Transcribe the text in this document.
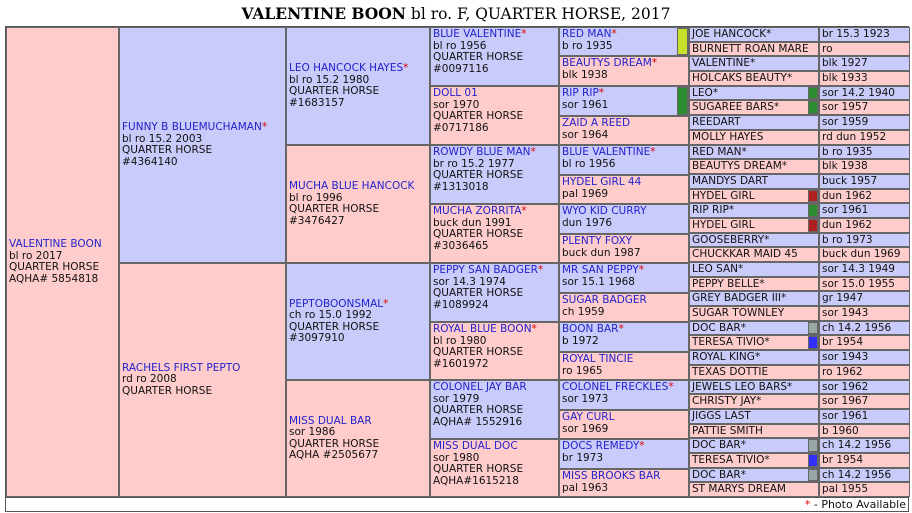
VALENTINE BOON bl ro. F, QUARTER HORSE, 2017
VALENTINE BOON
bl ro 2017
QUARTER HORSE
AQHA# 5854818
FUNNY B BLUEMUCHAMAN*
bl ro 15.2 2003
QUARTER HORSE
#4364140
RACHELS FIRST PEPTO
rd ro 2008
QUARTER HORSE
LEO HANCOCK HAYES*
bl ro 15.2 1980
QUARTER HORSE
#1683157
MUCHA BLUE HANCOCK
bl ro 1996
QUARTER HORSE
#3476427
PEPTOBOONSMAL*
ch ro 15.0 1992
QUARTER HORSE
#3097910
MISS DUAL BAR
sor 1986
QUARTER HORSE
AQHA #2505677
BLUE VALENTINE*
bl ro 1956
QUARTER HORSE
#0097116
DOLL 01
sor 1970
QUARTER HORSE
#0717186
ROWDY BLUE MAN*
br ro 15.2 1977
QUARTER HORSE
#1313018
MUCHA ZORRITA*
buck dun 1991
QUARTER HORSE
#3036465
PEPPY SAN BADGER*
sor 14.3 1974
QUARTER HORSE
#1089924
ROYAL BLUE BOON*
bl ro 1980
QUARTER HORSE
#1601972
COLONEL JAY BAR
sor 1979
QUARTER HORSE
AQHA# 1552916
MISS DUAL DOC
sor 1980
QUARTER HORSE
AQHA#1615218
RED MAN*
b ro 1935
BEAUTYS DREAM*
blk 1938
RIP RIP*
sor 1961
ZAID A REED
sor 1964
BLUE VALENTINE*
bl ro 1956
HYDEL GIRL 44
pal 1969
WYO KID CURRY
dun 1976
PLENTY FOXY
buck dun 1987
MR SAN PEPPY*
sor 15.1 1968
SUGAR BADGER
ch 1959
BOON BAR*
b 1972
ROYAL TINCIE
ro 1965
COLONEL FRECKLES*
sor 1973
GAY CURL
sor 1969
DOCS REMEDY*
br 1973
MISS BROOKS BAR
pal 1963
JOE HANCOCK*	br 15.3 1923
BURNETT ROAN MARE	ro
VALENTINE*	blk 1927
HOLCAKS BEAUTY*	blk 1933
LEO*	sor 14.2 1940
SUGAREE BARS*	sor 1957
REEDART	sor 1959
MOLLY HAYES	rd dun 1952
RED MAN*	b ro 1935
BEAUTYS DREAM*	blk 1938
MANDYS DART	buck 1957
HYDEL GIRL	dun 1962
RIP RIP*	sor 1961
HYDEL GIRL	dun 1962
GOOSEBERRY*	b ro 1973
CHUCKKAR MAID 45	buck dun 1969
LEO SAN*	sor 14.3 1949
PEPPY BELLE*	sor 15.0 1955
GREY BADGER III*	gr 1947
SUGAR TOWNLEY	sor 1943
DOC BAR*	ch 14.2 1956
TERESA TIVIO*	br 1954
ROYAL KING*	sor 1943
TEXAS DOTTIE	ro 1962
JEWELS LEO BARS*	sor 1962
CHRISTY JAY*	sor 1967
JIGGS LAST	sor 1961
PATTIE SMITH	b 1960
DOC BAR*	ch 14.2 1956
TERESA TIVIO*	br 1954
DOC BAR*	ch 14.2 1956
ST MARYS DREAM	pal 1955
* - Photo Available
